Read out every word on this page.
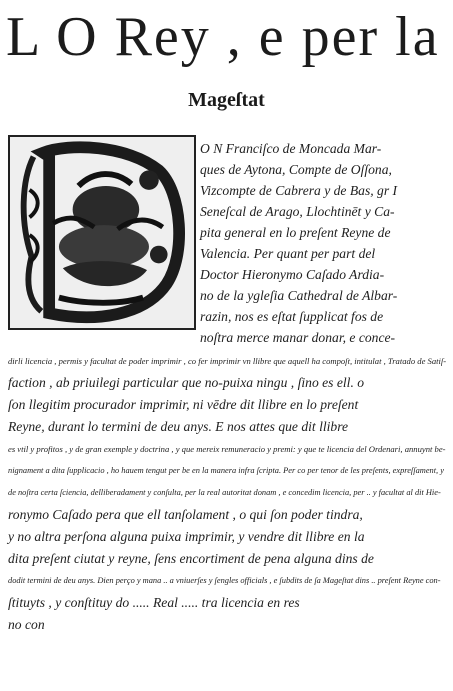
L O Rey , e per la
Mageſtat
O N Franciſco de Moncada Mar-
ques de Aytona, Compte de Oſſona,
Vizcompte de Cabrera y de Bas, gr I
Seneſcal de Arago, Llochtinēt y Ca-
pita general en lo preſent Reyne de
Valencia. Per quant per part del
Doctor Hieronymo Caſado Ardia-
no de la ygleſia Cathedral de Albar-
razin, nos es eſtat ſupplicat fos de
noſtra merce manar donar, e conce-
dirli licencia , permis y facultat de poder imprimir , co fer imprimir vn llibre que aquell ha compoſt, intitulat , Tratado de Satiſ-
faction , ab priuilegi particular que no-puixa ningu , ſino es ell. o
ſon llegitim procurador imprimir, ni vēdre dit llibre en lo preſent
Reyne, durant lo termini de deu anys. E nos attes que dit llibre
es vtil y profitos , y de gran exemple y doctrina , y que mereix remuneracio y premi: y que te licencia del Ordenari, annuynt be-
nignament a dita ſupplicacio , ho hauem tengut per be en la manera infra ſcripta. Per co per tenor de les preſents, expreſſament, y
de noſtra certa ſciencia, delliberadament y conſulta, per la real autoritat donam , e concedim licencia, per .. y facultat al dit Hie-
ronymo Caſado pera que ell tanſolament , o qui ſon poder tindra,
y no altra perſona alguna puixa imprimir, y vendre dit llibre en la
dita preſent ciutat y reyne, ſens encortiment de pena alguna dins de
dodit termini de deu anys. Dien perço y mana .. a vniuerſes y ſengles officials , e ſubdits de ſa Mageſtat dins .. preſent Reyne con-
ſtituyts , y conſtituy do ..... Real ..... tra licencia en res
no con
